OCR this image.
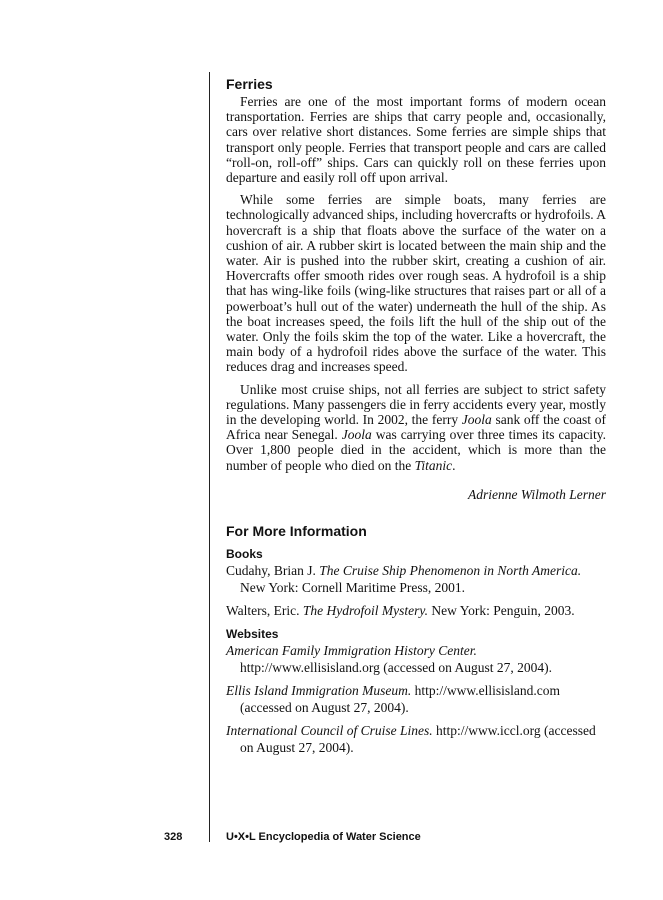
Ferries

Ferries are one of the most important forms of modern ocean transportation. Ferries are ships that carry people and, occasionally, cars over relative short distances. Some ferries are simple ships that transport only people. Ferries that transport people and cars are called “roll-on, roll-off” ships. Cars can quickly roll on these ferries upon departure and easily roll off upon arrival.

While some ferries are simple boats, many ferries are technologically advanced ships, including hovercrafts or hydrofoils. A hovercraft is a ship that floats above the surface of the water on a cushion of air. A rubber skirt is located between the main ship and the water. Air is pushed into the rubber skirt, creating a cushion of air. Hovercrafts offer smooth rides over rough seas. A hydrofoil is a ship that has wing-like foils (wing-like structures that raises part or all of a powerboat’s hull out of the water) underneath the hull of the ship. As the boat increases speed, the foils lift the hull of the ship out of the water. Only the foils skim the top of the water. Like a hovercraft, the main body of a hydrofoil rides above the surface of the water. This reduces drag and increases speed.

Unlike most cruise ships, not all ferries are subject to strict safety regulations. Many passengers die in ferry accidents every year, mostly in the developing world. In 2002, the ferry Joola sank off the coast of Africa near Senegal. Joola was carrying over three times its capacity. Over 1,800 people died in the accident, which is more than the number of people who died on the Titanic.

Adrienne Wilmoth Lerner
For More Information
Books
Cudahy, Brian J. The Cruise Ship Phenomenon in North America. New York: Cornell Maritime Press, 2001.
Walters, Eric. The Hydrofoil Mystery. New York: Penguin, 2003.
Websites
American Family Immigration History Center. http://www.ellisisland.org (accessed on August 27, 2004).
Ellis Island Immigration Museum. http://www.ellisisland.com (accessed on August 27, 2004).
International Council of Cruise Lines. http://www.iccl.org (accessed on August 27, 2004).
328	U•X•L Encyclopedia of Water Science
